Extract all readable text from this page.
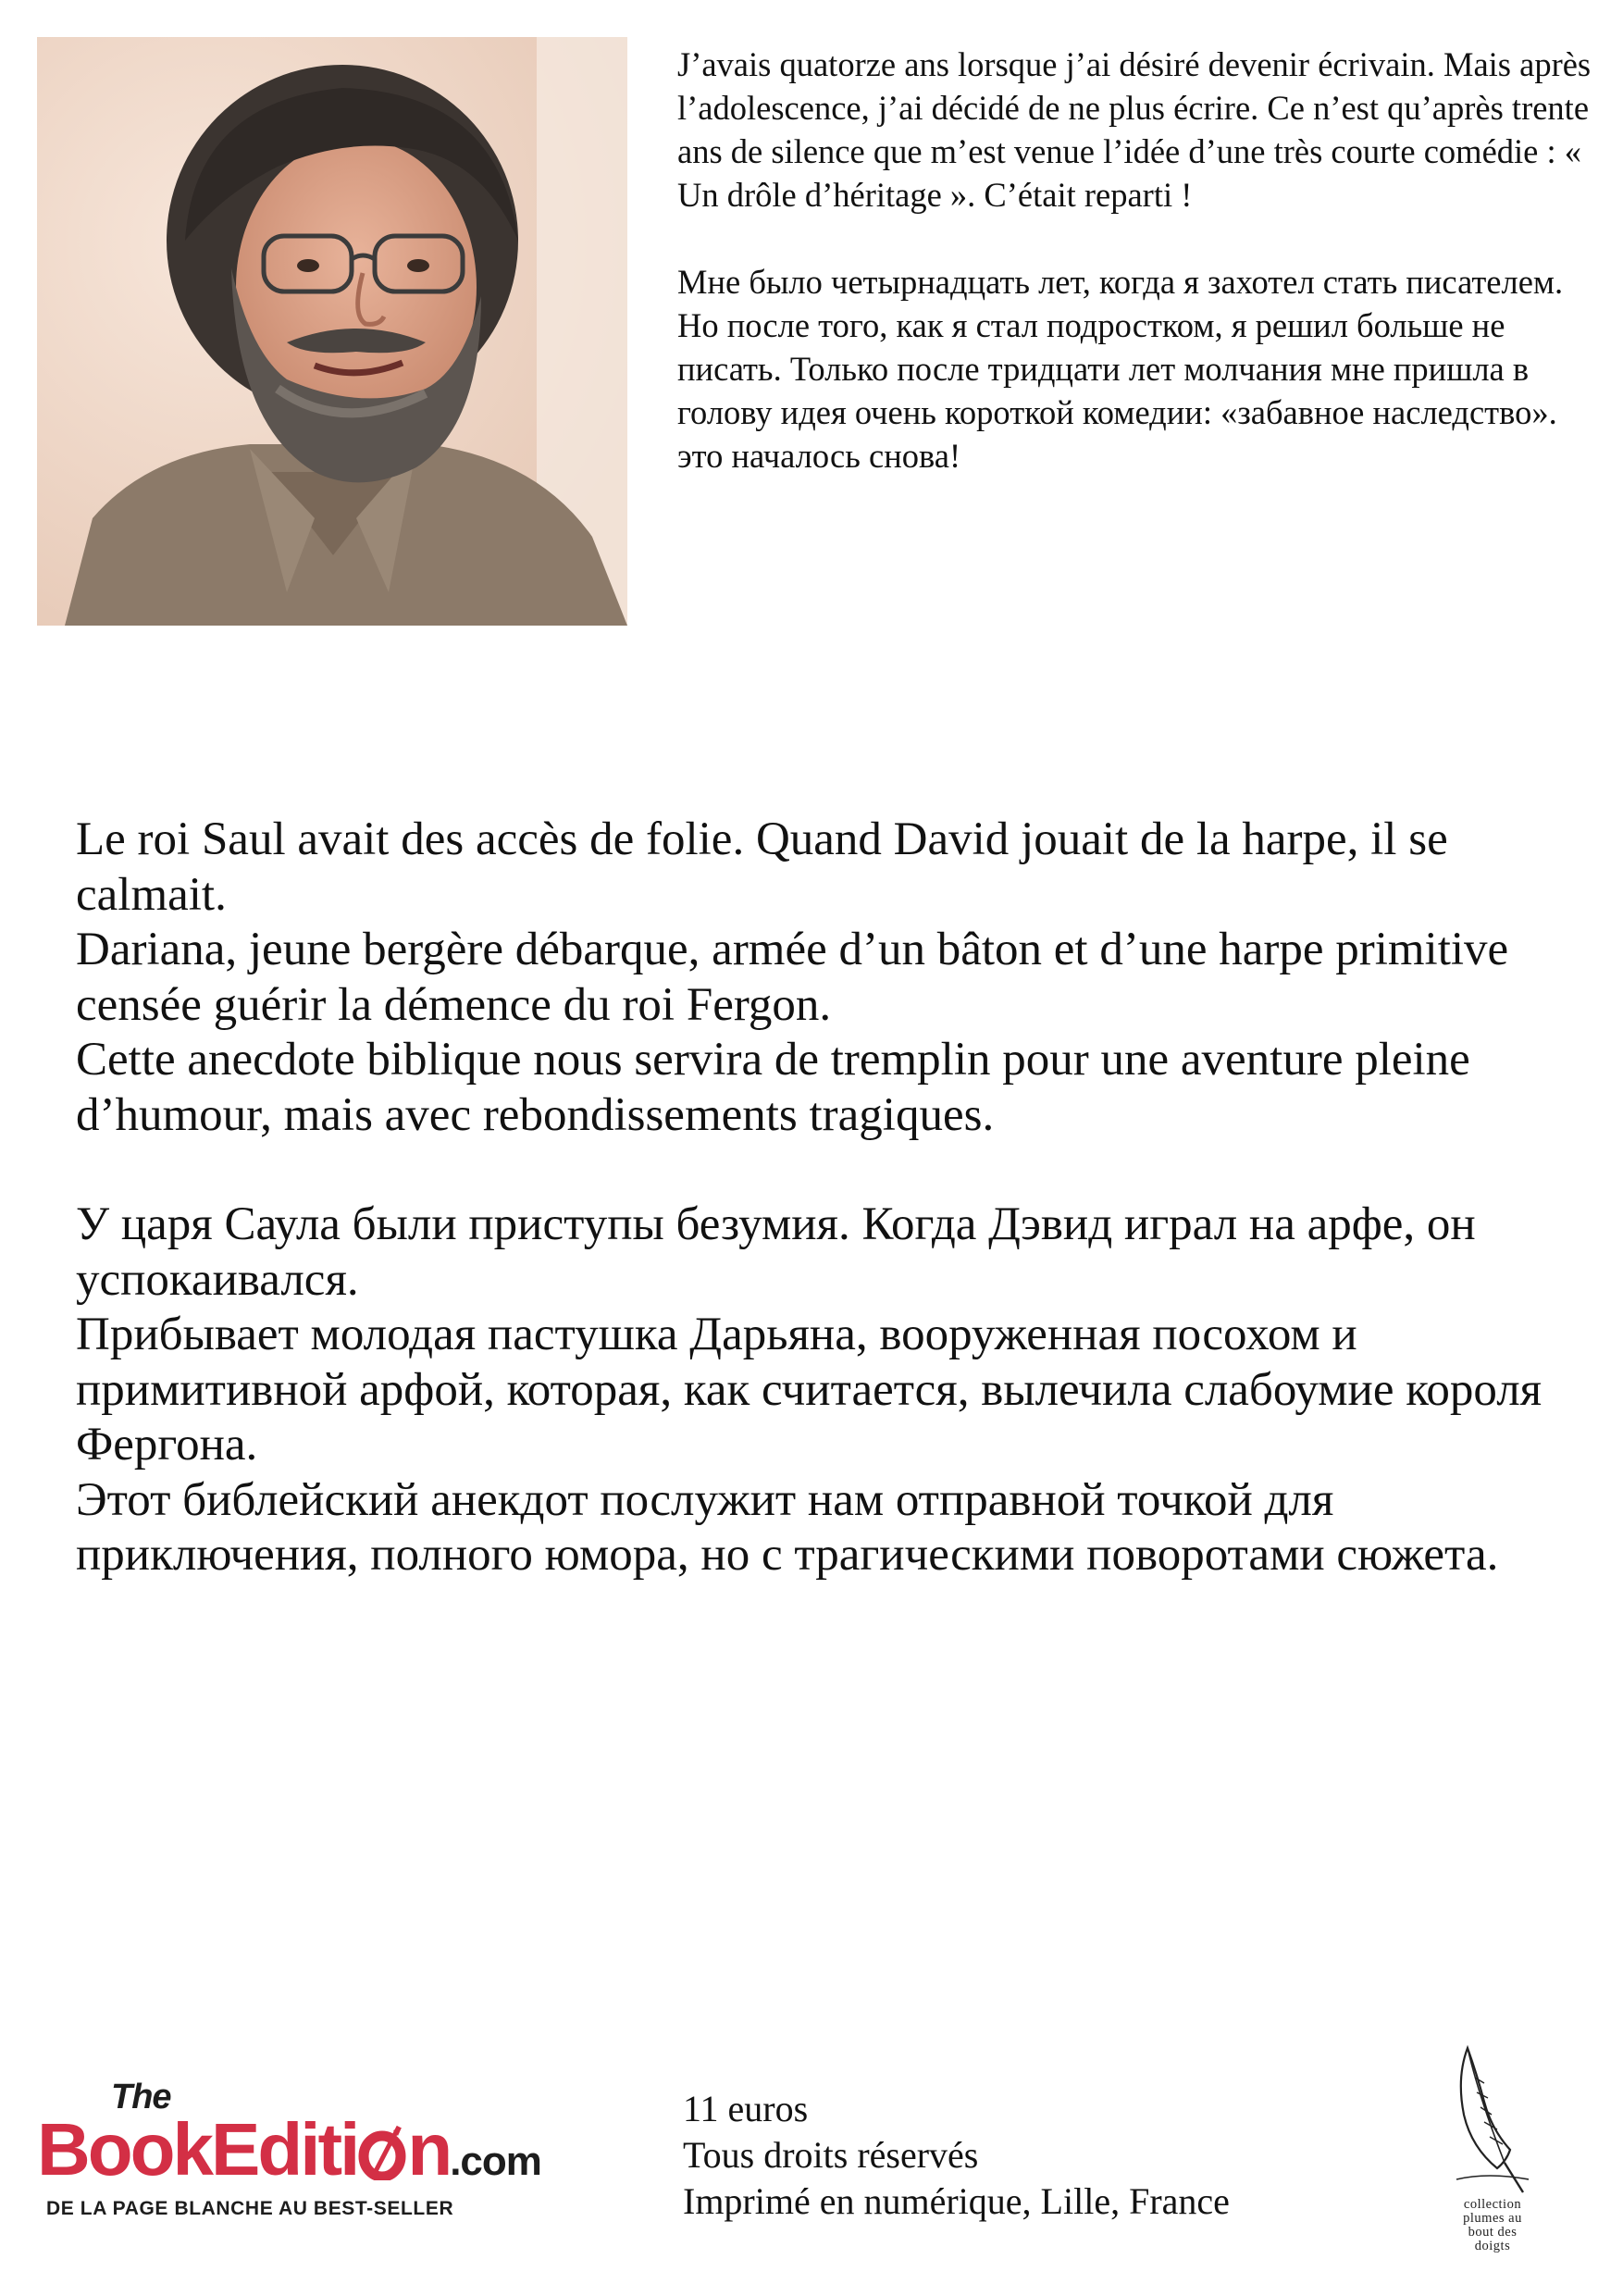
J’avais quatorze ans lorsque j’ai désiré devenir écrivain. Mais après l’adolescence, j’ai décidé de ne plus écrire. Ce n’est qu’après trente ans de silence que m’est venue l’idée d’une très courte comédie : « Un drôle d’héritage ». C’était reparti !

Мне было четырнадцать лет, когда я захотел стать писателем. Но после того, как я стал подростком, я решил больше не писать. Только после тридцати лет молчания мне пришла в голову идея очень короткой комедии: «забавное наследство». это началось снова!

Le roi Saul avait des accès de folie. Quand David jouait de la harpe, il se calmait.

Dariana, jeune bergère débarque, armée d’un bâton et d’une harpe primitive censée guérir la démence du roi Fergon.

Cette anecdote biblique nous servira de tremplin pour une aventure pleine d’humour, mais avec rebondissements tragiques.

У царя Саула были приступы безумия. Когда Дэвид играл на арфе, он успокаивался.

Прибывает молодая пастушка Дарьяна, вооруженная посохом и примитивной арфой, которая, как считается, вылечила слабоумие короля Фергона.

Этот библейский анекдот послужит нам отправной точкой для приключения, полного юмора, но с трагическими поворотами сюжета.

The
BookEditi n.com
DE LA PAGE BLANCHE AU BEST-SELLER
11 euros
Tous droits réservés
Imprimé en numérique, Lille, France	collection
plumes au
bout des
doigts
